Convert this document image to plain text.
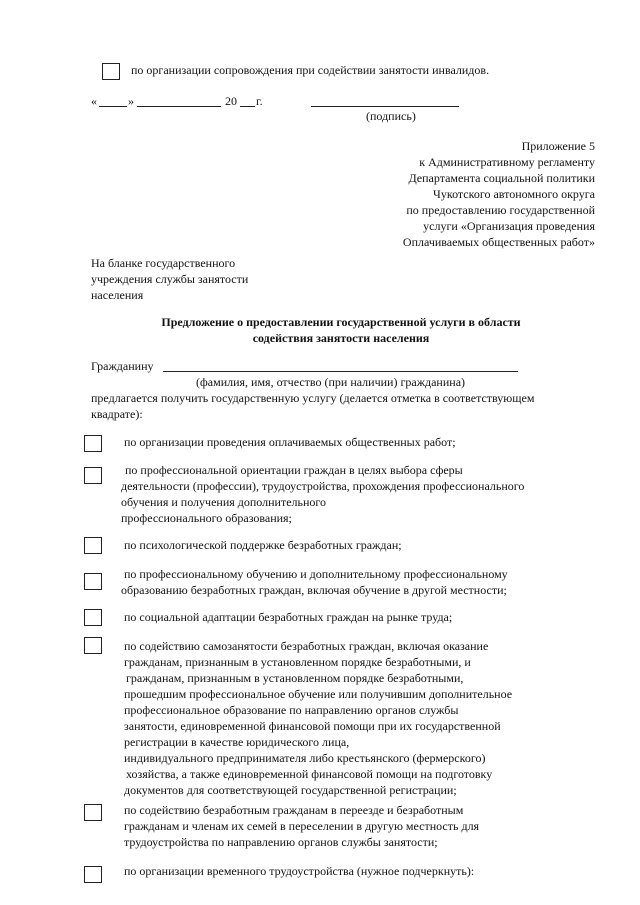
по организации сопровождения при содействии занятости инвалидов.
«	»	20 г.
(подпись)
Приложение 5
к Административному регламенту
Департамента социальной политики
Чукотского автономного округа
по предоставлению государственной
услуги «Организация проведения
Оплачиваемых общественных работ»
На бланке государственного
учреждения службы занятости
населения
Предложение о предоставлении государственной услуги в области
содействия занятости населения
Гражданину
(фамилия, имя, отчество (при наличии) гражданина)
предлагается получить государственную услугу (делается отметка в соответствующем
квадрате):
по организации проведения оплачиваемых общественных работ;
по профессиональной ориентации граждан в целях выбора сферы
деятельности (профессии), трудоустройства, прохождения профессионального
обучения и получения дополнительного
профессионального образования;
по психологической поддержке безработных граждан;
по профессиональному обучению и дополнительному профессиональному
образованию безработных граждан, включая обучение в другой местности;
по социальной адаптации безработных граждан на рынке труда;
по содействию самозанятости безработных граждан, включая оказание
гражданам, признанным в установленном порядке безработными, и
гражданам, признанным в установленном порядке безработными,
прошедшим профессиональное обучение или получившим дополнительное
профессиональное образование по направлению органов службы
занятости, единовременной финансовой помощи при их государственной
регистрации в качестве юридического лица,
индивидуального предпринимателя либо крестьянского (фермерского)
хозяйства, а также единовременной финансовой помощи на подготовку
документов для соответствующей государственной регистрации;
по содействию безработным гражданам в переезде и безработным
гражданам и членам их семей в переселении в другую местность для
трудоустройства по направлению органов службы занятости;
по организации временного трудоустройства (нужное подчеркнуть):
